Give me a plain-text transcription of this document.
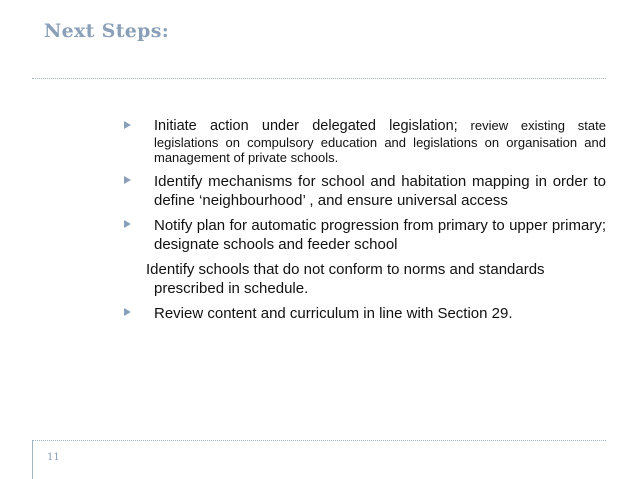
Next Steps:
Initiate action under delegated legislation; review existing state legislations on compulsory education and legislations on organisation and management of private schools.
Identify mechanisms for school and habitation mapping in order to define ‘neighbourhood’ , and ensure universal access
Notify plan for automatic progression from primary to upper primary; designate schools and feeder school
Identify schools that do not conform to norms and standards
prescribed in schedule.
Review content and curriculum in line with Section 29.
11
